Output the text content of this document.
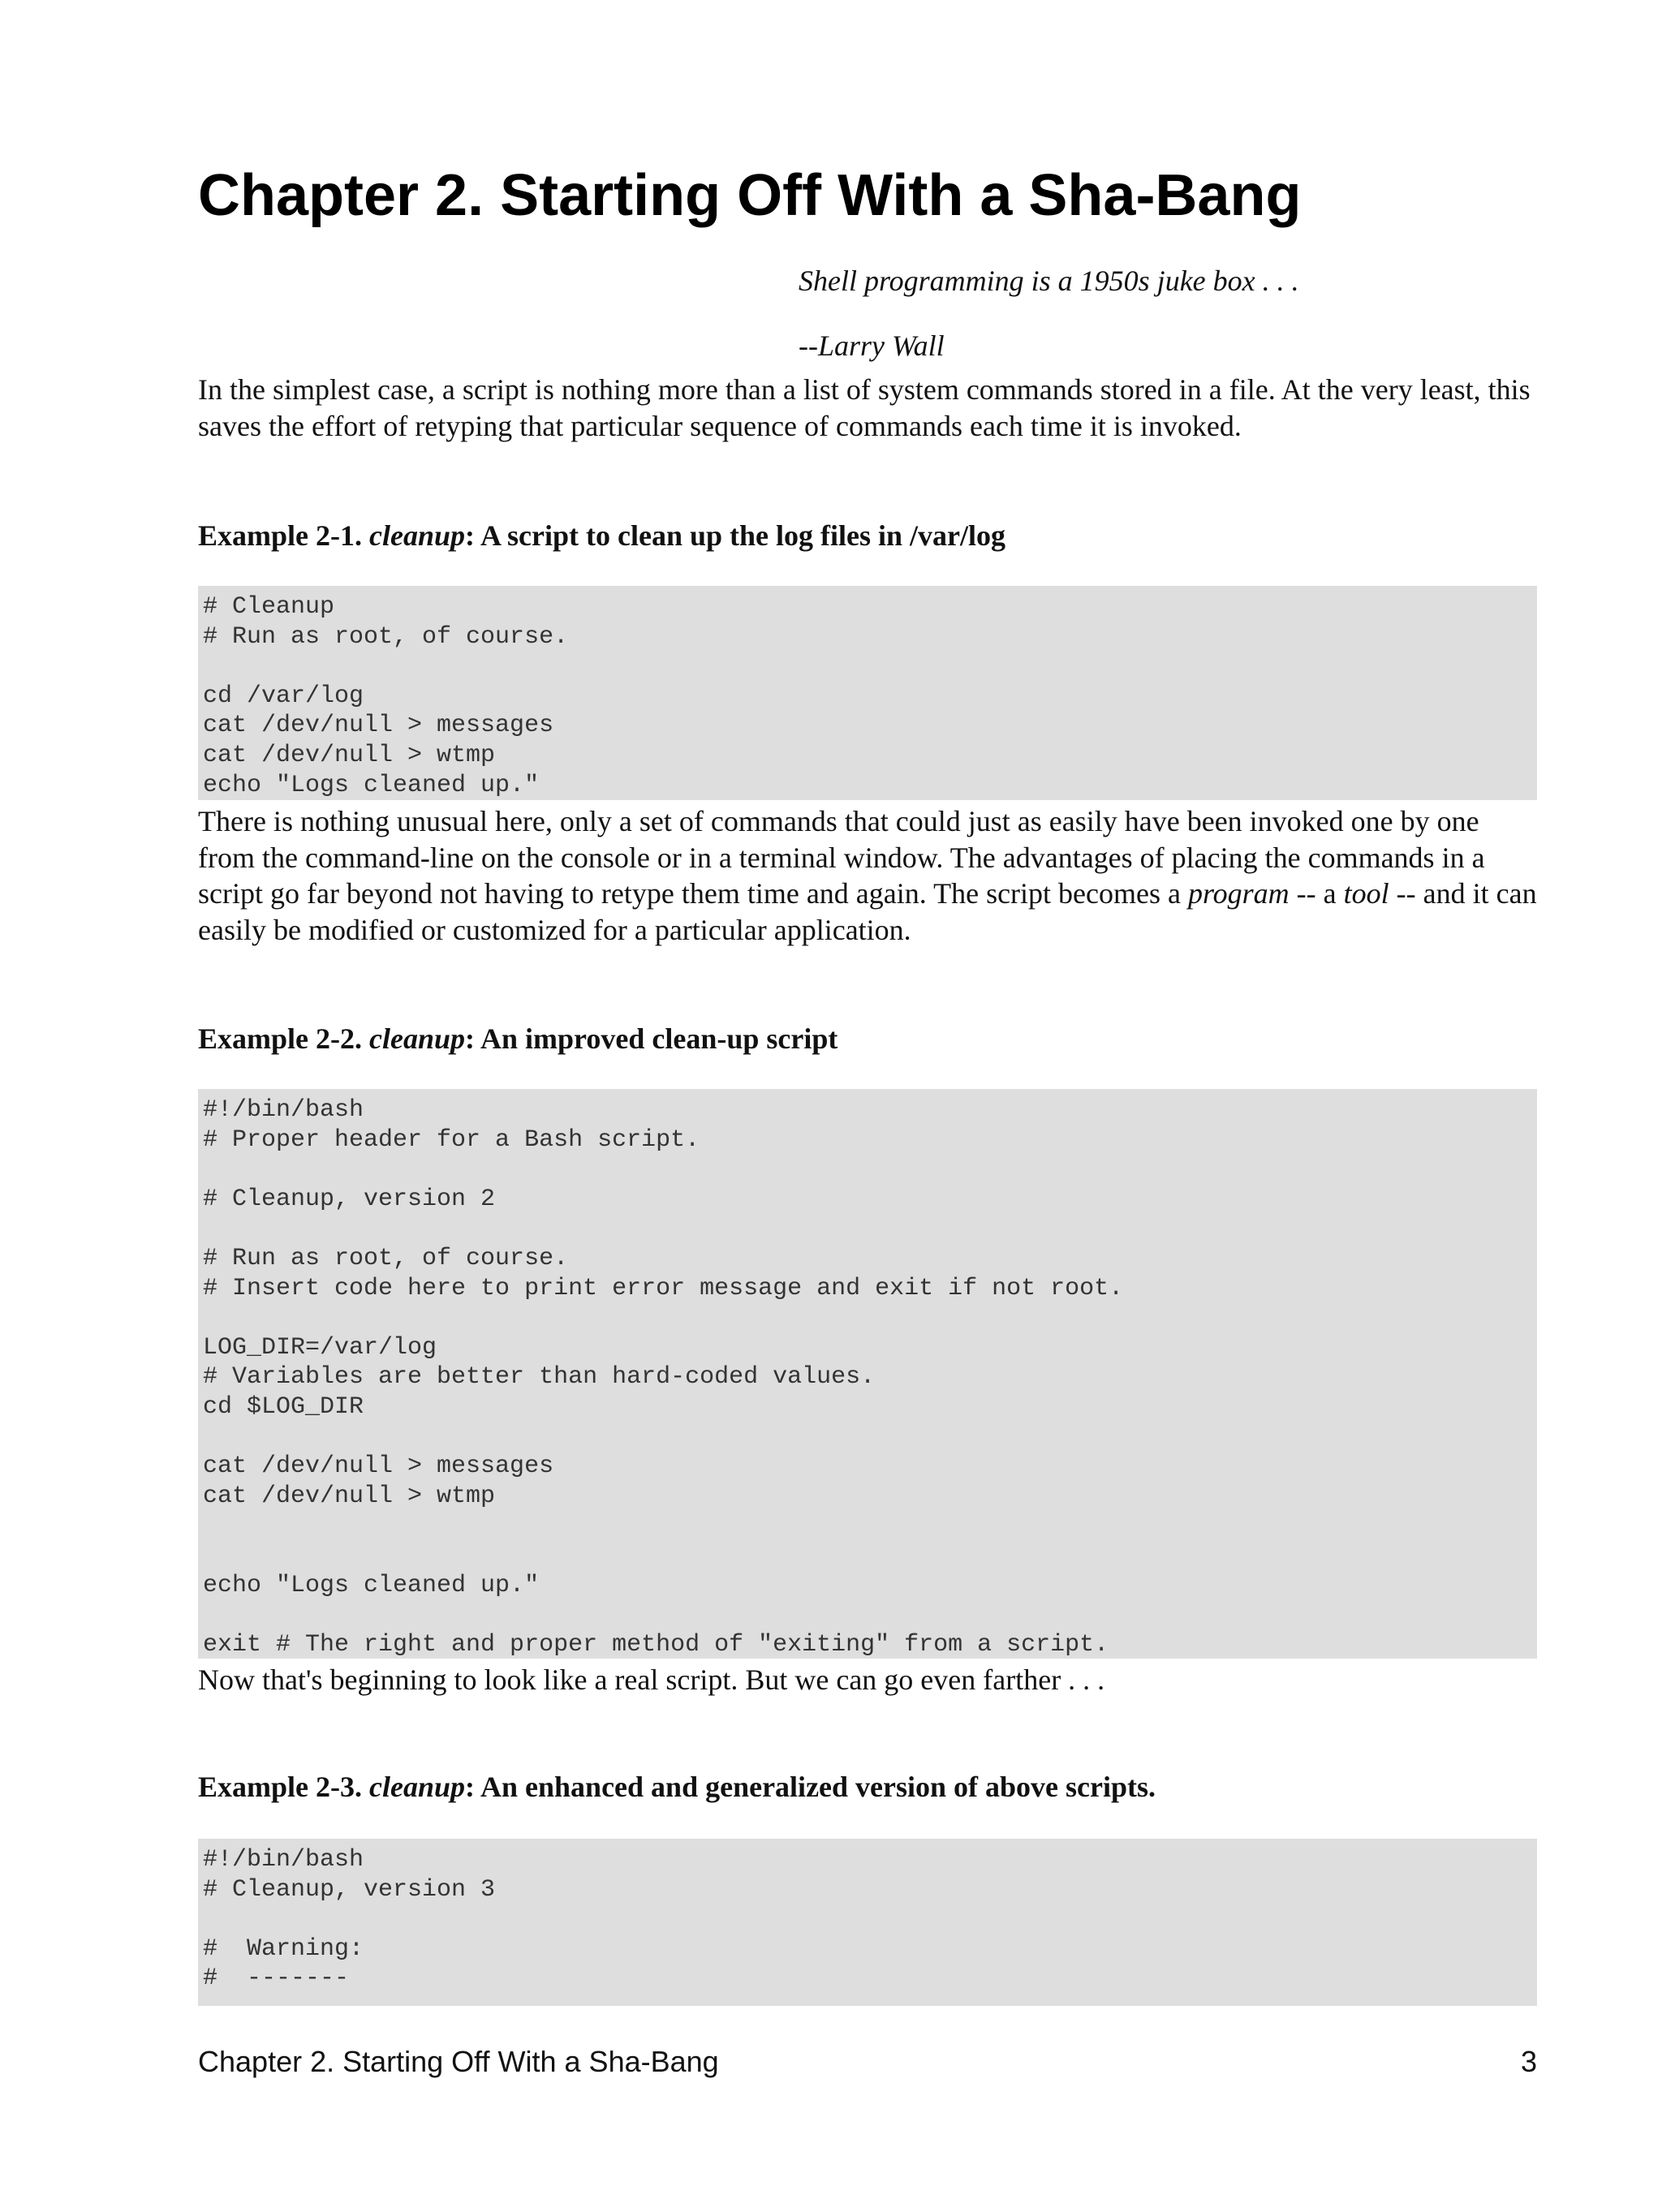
Chapter 2. Starting Off With a Sha-Bang
Shell programming is a 1950s juke box . . .
--Larry Wall

In the simplest case, a script is nothing more than a list of system commands stored in a file. At the very least, this saves the effort of retyping that particular sequence of commands each time it is invoked.

Example 2-1. cleanup: A script to clean up the log files in /var/log

# Cleanup
# Run as root, of course.
cd /var/log
cat /dev/null > messages
cat /dev/null > wtmp
echo "Logs cleaned up."

There is nothing unusual here, only a set of commands that could just as easily have been invoked one by one from the command-line on the console or in a terminal window. The advantages of placing the commands in a script go far beyond not having to retype them time and again. The script becomes a program -- a tool -- and it can easily be modified or customized for a particular application.

Example 2-2. cleanup: An improved clean-up script

#!/bin/bash
# Proper header for a Bash script.
# Cleanup, version 2
# Run as root, of course.
# Insert code here to print error message and exit if not root.
LOG_DIR=/var/log
# Variables are better than hard-coded values.
cd $LOG_DIR
cat /dev/null > messages
cat /dev/null > wtmp
echo "Logs cleaned up."
exit # The right and proper method of "exiting" from a script.

Now that's beginning to look like a real script. But we can go even farther . . .

Example 2-3. cleanup: An enhanced and generalized version of above scripts.

#!/bin/bash
# Cleanup, version 3
#  Warning:
#  -------
Chapter 2. Starting Off With a Sha-Bang	3
